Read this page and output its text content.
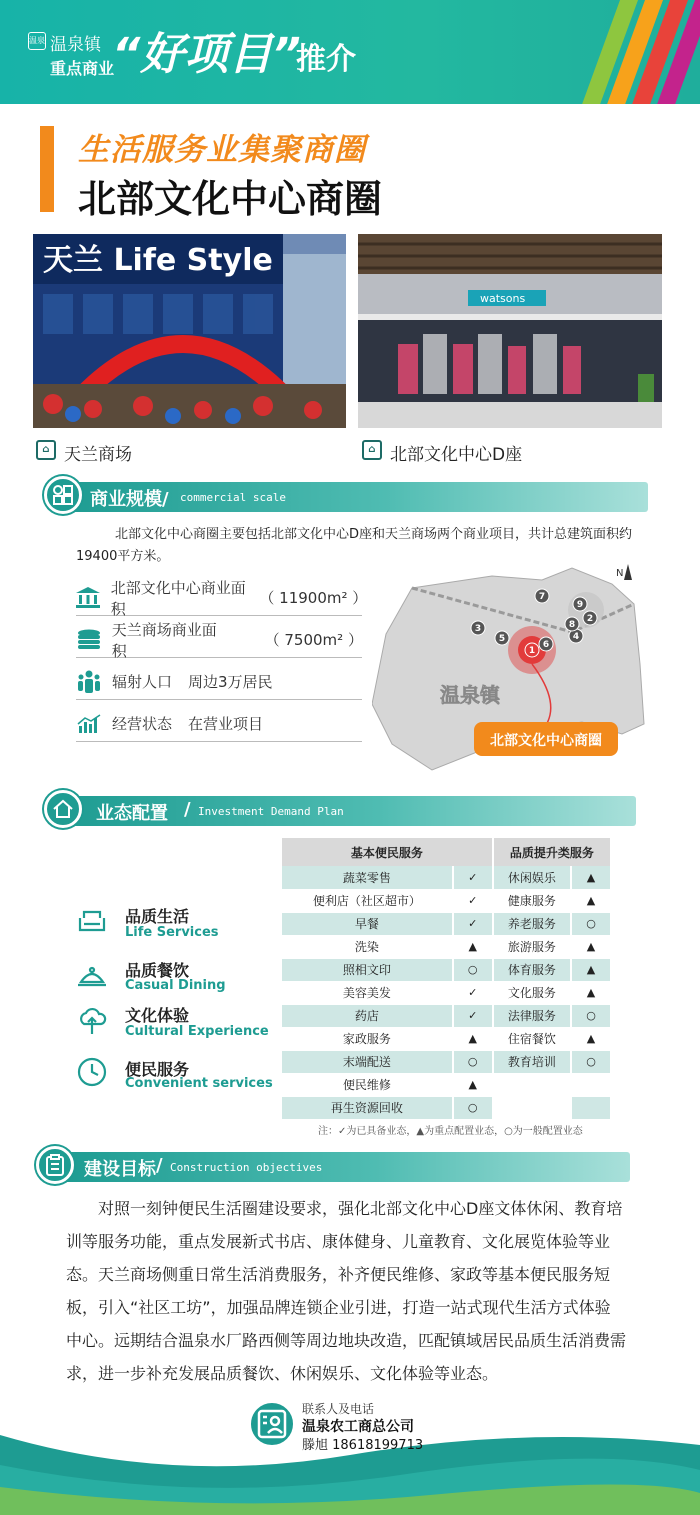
温泉 温泉镇
重点商业
“好项目”
推介
生活服务业集聚商圈
北部文化中心商圈
天兰 Life Style
watsons
⌂ 天兰商场	⌂ 北部文化中心D座
商业规模/ commercial scale
北部文化中心商圈主要包括北部文化中心D座和天兰商场两个商业项目，共计总建筑面积约19400平方米。
北部文化中心商业面积
（ 11900m² ）
天兰商场商业面积
（ 7500m² ）
辐射人口 周边3万居民
经营状态 在营业项目
1
2
3
4
5
6
7
8
9
温泉镇
N
北部文化中心商圈
业态配置 / Investment Demand Plan
品质生活
Life Services
品质餐饮
Casual Dining
文化体验
Cultural Experience
便民服务
Convenient services
基本便民服务		品质提升类服务	
蔬菜零售	✓	休闲娱乐	▲
便利店（社区超市）	✓	健康服务	▲
早餐	✓	养老服务	○
洗染	▲	旅游服务	▲
照相文印	○	体育服务	▲
美容美发	✓	文化服务	▲
药店	✓	法律服务	○
家政服务	▲	住宿餐饮	▲
末端配送	○	教育培训	○
便民维修	▲		
再生资源回收	○		
注：✓为已具备业态，▲为重点配置业态，○为一般配置业态
建设目标 / Construction objectives
对照一刻钟便民生活圈建设要求，强化北部文化中心D座文体休闲、教育培训等服务功能，重点发展新式书店、康体健身、儿童教育、文化展览体验等业态。天兰商场侧重日常生活消费服务，补齐便民维修、家政等基本便民服务短板，引入“社区工坊”，加强品牌连锁企业引进，打造一站式现代生活方式体验中心。远期结合温泉水厂路西侧等周边地块改造，匹配镇域居民品质生活消费需求，进一步补充发展品质餐饮、休闲娱乐、文化体验等业态。
联系人及电话
温泉农工商总公司
滕旭 18618199713
